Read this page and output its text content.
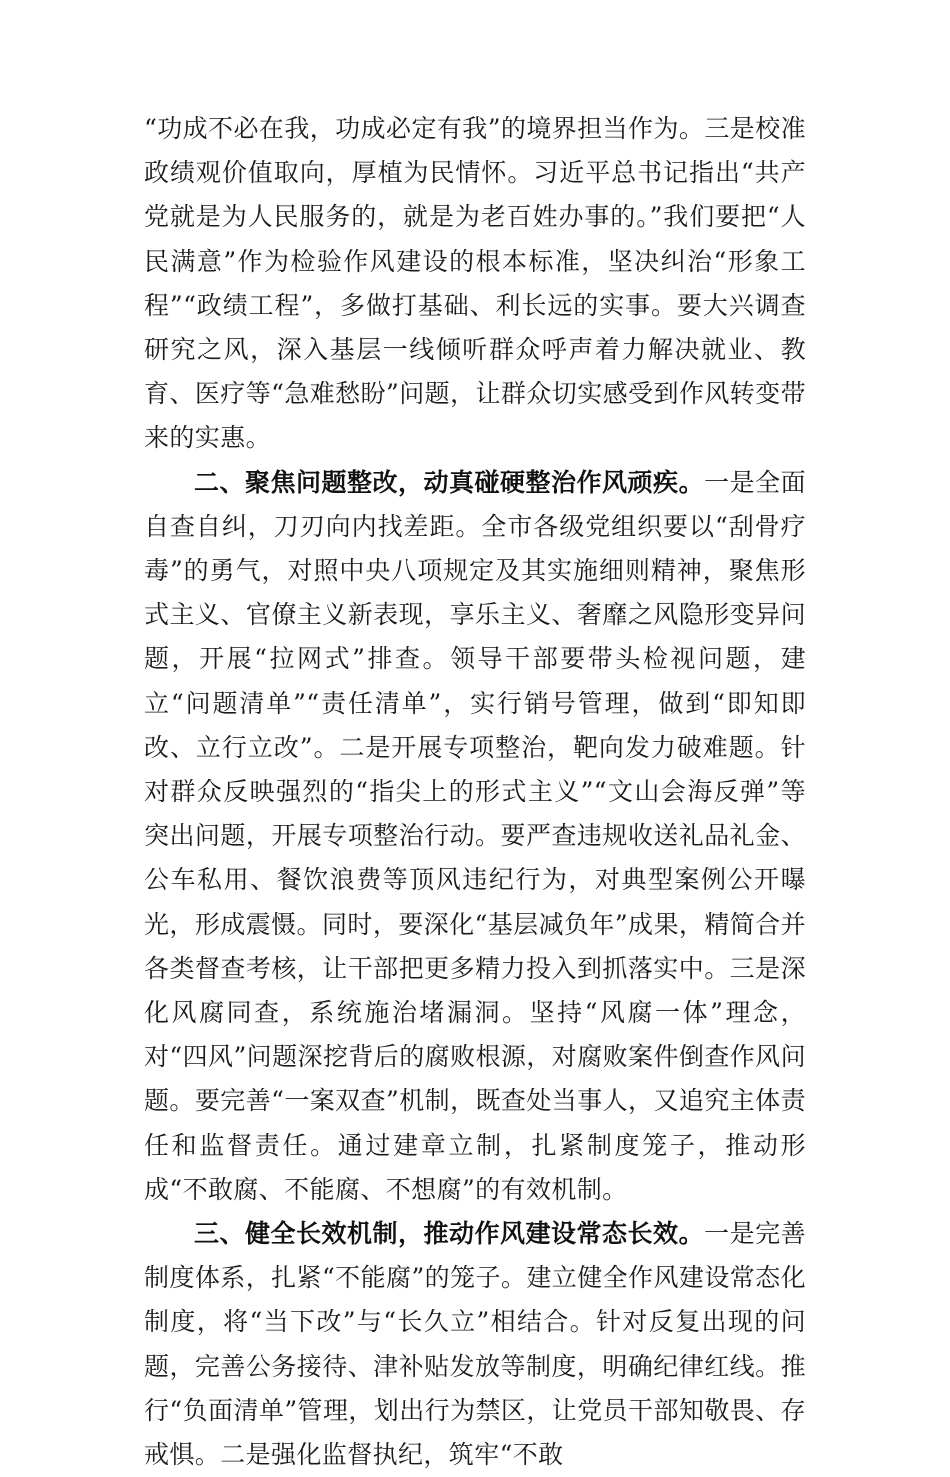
“功成不必在我，功成必定有我”的境界担当作为。三是校准政绩观价值取向，厚植为民情怀。习近平总书记指出“共产党就是为人民服务的，就是为老百姓办事的。”我们要把“人民满意”作为检验作风建设的根本标准，坚决纠治“形象工程”“政绩工程”，多做打基础、利长远的实事。要大兴调查研究之风，深入基层一线倾听群众呼声着力解决就业、教育、医疗等“急难愁盼”问题，让群众切实感受到作风转变带来的实惠。

二、聚焦问题整改，动真碰硬整治作风顽疾。一是全面自查自纠，刀刃向内找差距。全市各级党组织要以“刮骨疗毒”的勇气，对照中央八项规定及其实施细则精神，聚焦形式主义、官僚主义新表现，享乐主义、奢靡之风隐形变异问题，开展“拉网式”排查。领导干部要带头检视问题，建立“问题清单”“责任清单”，实行销号管理，做到“即知即改、立行立改”。二是开展专项整治，靶向发力破难题。针对群众反映强烈的“指尖上的形式主义”“文山会海反弹”等突出问题，开展专项整治行动。要严查违规收送礼品礼金、公车私用、餐饮浪费等顶风违纪行为，对典型案例公开曝光，形成震慑。同时，要深化“基层减负年”成果，精简合并各类督查考核，让干部把更多精力投入到抓落实中。三是深化风腐同查，系统施治堵漏洞。坚持“风腐一体”理念，对“四风”问题深挖背后的腐败根源，对腐败案件倒查作风问题。要完善“一案双查”机制，既查处当事人，又追究主体责任和监督责任。通过建章立制，扎紧制度笼子，推动形成“不敢腐、不能腐、不想腐”的有效机制。

三、健全长效机制，推动作风建设常态长效。一是完善制度体系，扎紧“不能腐”的笼子。建立健全作风建设常态化制度，将“当下改”与“长久立”相结合。针对反复出现的问题，完善公务接待、津补贴发放等制度，明确纪律红线。推行“负面清单”管理，划出行为禁区，让党员干部知敬畏、存戒惧。二是强化监督执纪，筑牢“不敢
